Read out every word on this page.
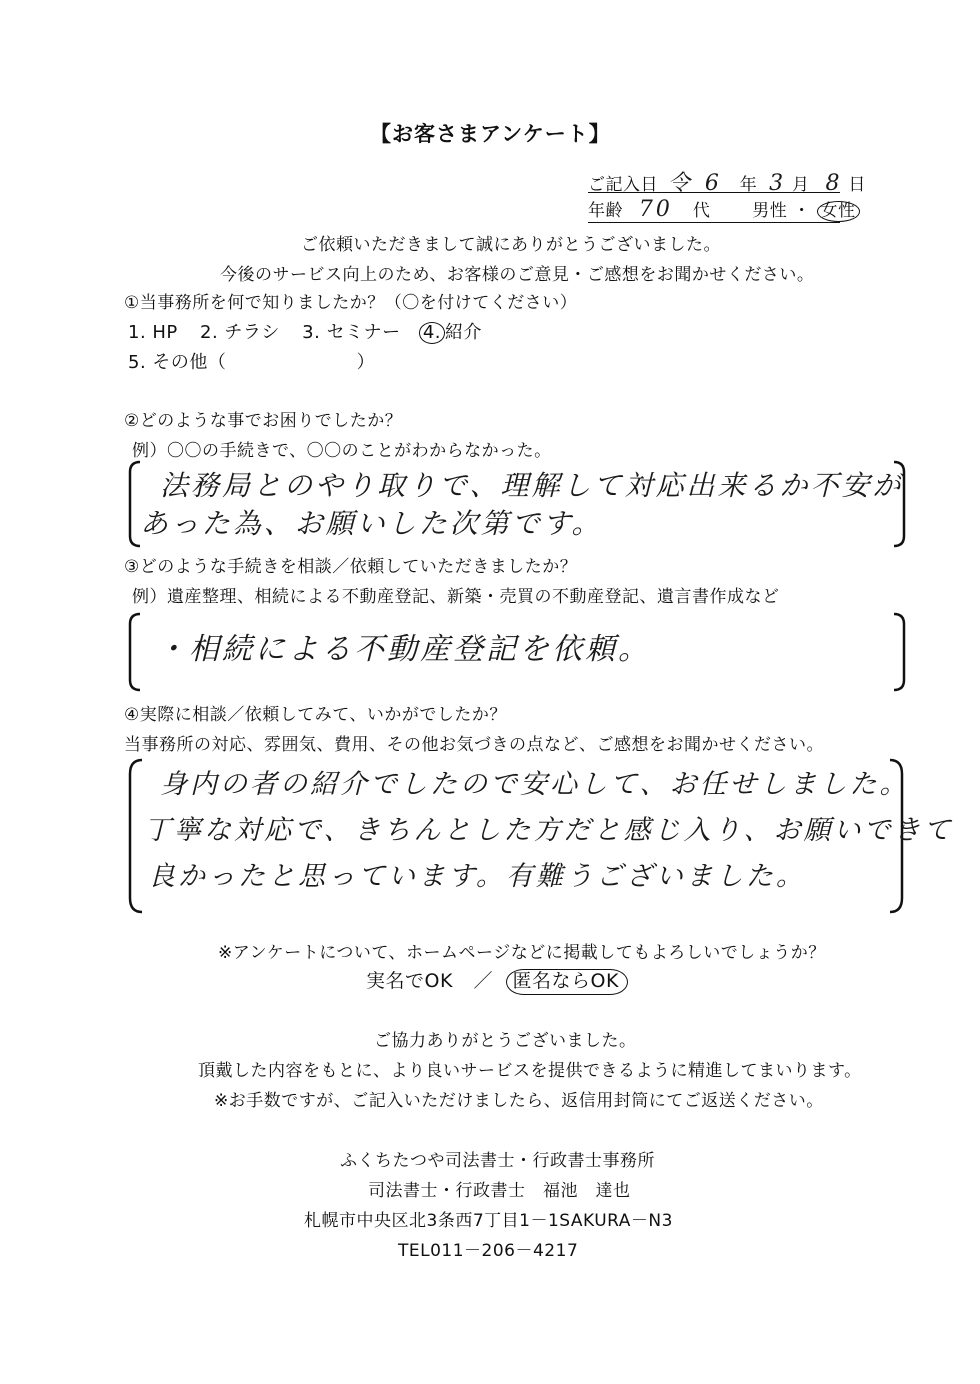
【お客さまアンケート】
ご記入日 令 6 年 3 月 8 日
年齢 70 代 男性 ・ 女性
ご依頼いただきまして誠にありがとうございました。
今後のサービス向上のため、お客様のご意見・ご感想をお聞かせください。
①当事務所を何で知りましたか？（〇を付けてください）
1. HP 2. チラシ 3. セミナー 4. 紹介
5. その他（	）
②どのような事でお困りでしたか？
例）〇〇の手続きで、〇〇のことがわからなかった。
法務局とのやり取りで、理解して対応出来るか不安が
あった為、お願いした次第です。
③どのような手続きを相談／依頼していただきましたか？
例）遺産整理、相続による不動産登記、新築・売買の不動産登記、遺言書作成など
・相続による不動産登記を依頼。
④実際に相談／依頼してみて、いかがでしたか？
当事務所の対応、雰囲気、費用、その他お気づきの点など、ご感想をお聞かせください。
身内の者の紹介でしたので安心して、お任せしました。
丁寧な対応で、きちんとした方だと感じ入り、お願いできて
良かったと思っています。有難うございました。
※アンケートについて、ホームページなどに掲載してもよろしいでしょうか？
実名でOK ／ 匿名ならOK
ご協力ありがとうございました。
頂戴した内容をもとに、より良いサービスを提供できるように精進してまいります。
※お手数ですが、ご記入いただけましたら、返信用封筒にてご返送ください。
ふくちたつや司法書士・行政書士事務所
司法書士・行政書士　福池　達也
札幌市中央区北3条西7丁目1－1SAKURA－N3
TEL011－206－4217
